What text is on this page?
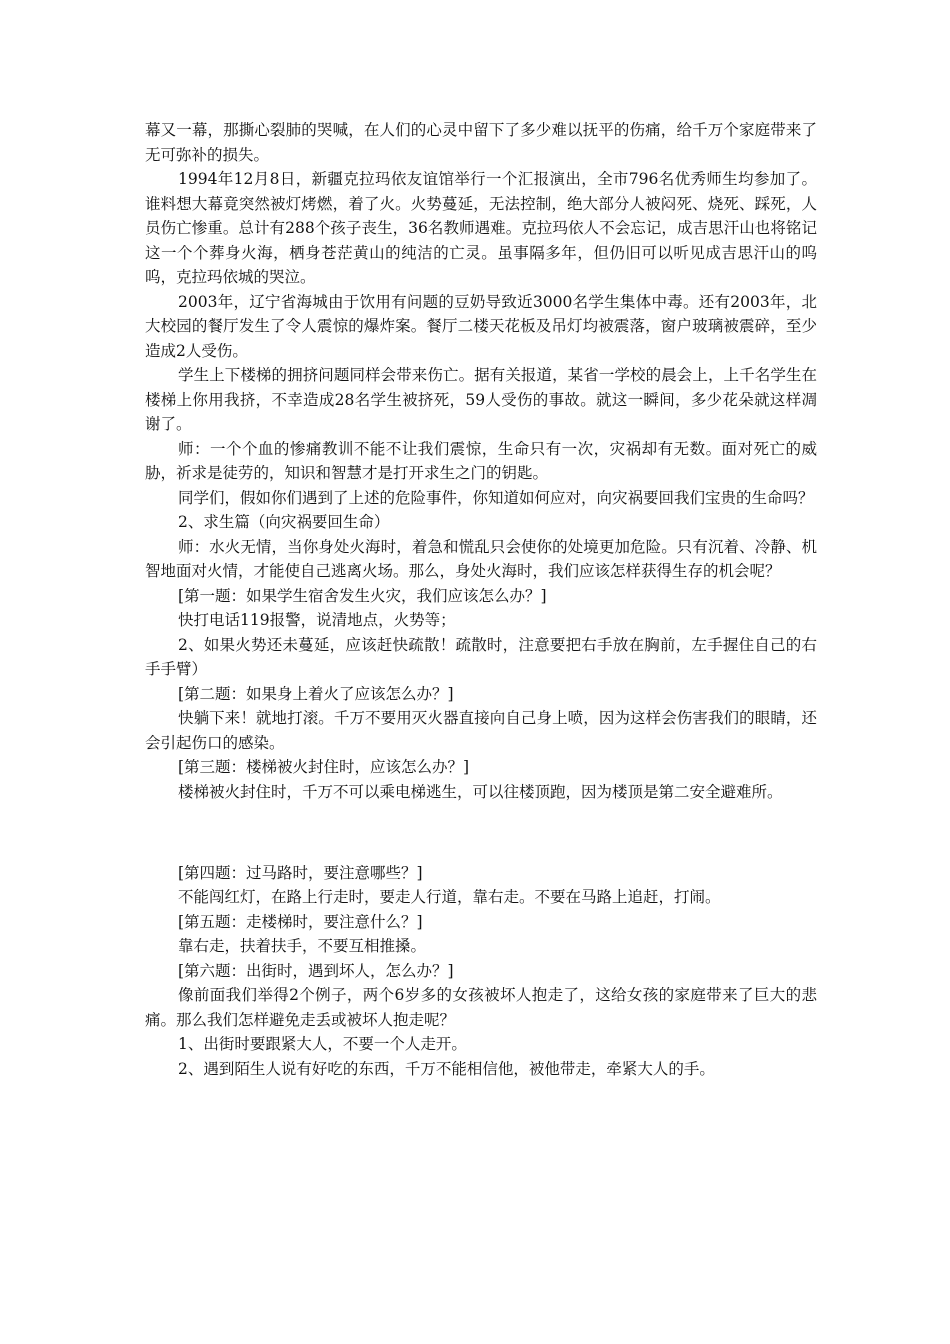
幕又一幕，那撕心裂肺的哭喊，在人们的心灵中留下了多少难以抚平的伤痛，给千万个家庭带来了无可弥补的损失。

1994年12月8日，新疆克拉玛依友谊馆举行一个汇报演出，全市796名优秀师生均参加了。谁料想大幕竟突然被灯烤燃，着了火。火势蔓延，无法控制，绝大部分人被闷死、烧死、踩死，人员伤亡惨重。总计有288个孩子丧生，36名教师遇难。克拉玛依人不会忘记，成吉思汗山也将铭记这一个个葬身火海，栖身苍茫黄山的纯洁的亡灵。虽事隔多年，但仍旧可以听见成吉思汗山的呜呜，克拉玛依城的哭泣。

2003年，辽宁省海城由于饮用有问题的豆奶导致近3000名学生集体中毒。还有2003年，北大校园的餐厅发生了令人震惊的爆炸案。餐厅二楼天花板及吊灯均被震落，窗户玻璃被震碎，至少造成2人受伤。

学生上下楼梯的拥挤问题同样会带来伤亡。据有关报道，某省一学校的晨会上，上千名学生在楼梯上你用我挤，不幸造成28名学生被挤死，59人受伤的事故。就这一瞬间，多少花朵就这样凋谢了。

师：一个个血的惨痛教训不能不让我们震惊，生命只有一次，灾祸却有无数。面对死亡的威胁，祈求是徒劳的，知识和智慧才是打开求生之门的钥匙。

同学们，假如你们遇到了上述的危险事件，你知道如何应对，向灾祸要回我们宝贵的生命吗？

2、求生篇（向灾祸要回生命）

师：水火无情，当你身处火海时，着急和慌乱只会使你的处境更加危险。只有沉着、冷静、机智地面对火情，才能使自己逃离火场。那么，身处火海时，我们应该怎样获得生存的机会呢？

[第一题：如果学生宿舍发生火灾，我们应该怎么办？]

快打电话119报警，说清地点，火势等；

2、如果火势还未蔓延，应该赶快疏散！疏散时，注意要把右手放在胸前，左手握住自己的右手手臂）

[第二题：如果身上着火了应该怎么办？]

快躺下来！就地打滚。千万不要用灭火器直接向自己身上喷，因为这样会伤害我们的眼睛，还会引起伤口的感染。

[第三题：楼梯被火封住时，应该怎么办？]

楼梯被火封住时，千万不可以乘电梯逃生，可以往楼顶跑，因为楼顶是第二安全避难所。

[第四题：过马路时，要注意哪些？]

不能闯红灯，在路上行走时，要走人行道，靠右走。不要在马路上追赶，打闹。

[第五题：走楼梯时，要注意什么？]

靠右走，扶着扶手，不要互相推搡。

[第六题：出街时，遇到坏人，怎么办？]

像前面我们举得2个例子，两个6岁多的女孩被坏人抱走了，这给女孩的家庭带来了巨大的悲痛。那么我们怎样避免走丢或被坏人抱走呢？

1、出街时要跟紧大人，不要一个人走开。

2、遇到陌生人说有好吃的东西，千万不能相信他，被他带走，牵紧大人的手。
